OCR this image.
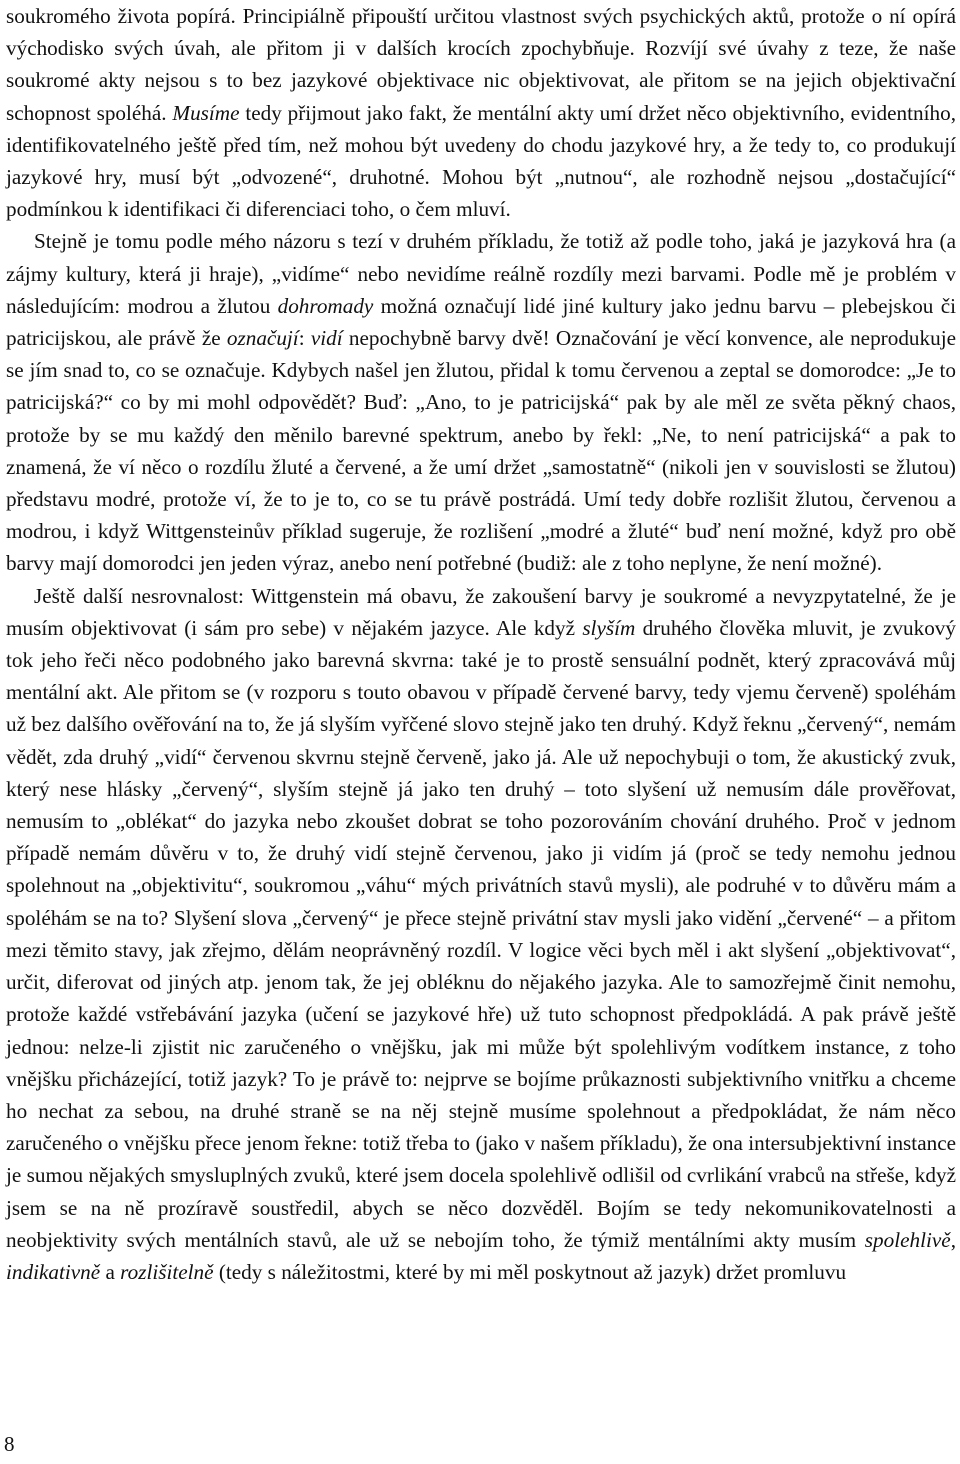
soukromého života popírá. Principiálně připouští určitou vlastnost svých psychických aktů, protože o ní opírá východisko svých úvah, ale přitom ji v dalších krocích zpochybňuje. Rozvíjí své úvahy z teze, že naše soukromé akty nejsou s to bez jazykové objektivace nic objektivovat, ale přitom se na jejich objektivační schopnost spoléhá. Musíme tedy přijmout jako fakt, že mentální akty umí držet něco objektivního, evidentního, identifikovatelného ještě před tím, než mohou být uvedeny do chodu jazykové hry, a že tedy to, co produkují jazykové hry, musí být „odvozené“, druhotné. Mohou být „nutnou“, ale rozhodně nejsou „dostačující“ podmínkou k identifikaci či diferenciaci toho, o čem mluví.

Stejně je tomu podle mého názoru s tezí v druhém příkladu, že totiž až podle toho, jaká je jazyková hra (a zájmy kultury, která ji hraje), „vidíme“ nebo nevidíme reálně rozdíly mezi barvami. Podle mě je problém v následujícím: modrou a žlutou dohromady možná označují lidé jiné kultury jako jednu barvu – plebejskou či patricijskou, ale právě že označují: vidí nepochybně barvy dvě! Označování je věcí konvence, ale neprodukuje se jím snad to, co se označuje. Kdybych našel jen žlutou, přidal k tomu červenou a zeptal se domorodce: „Je to patricijská?“ co by mi mohl odpovědět? Buď: „Ano, to je patricijská“ pak by ale měl ze světa pěkný chaos, protože by se mu každý den měnilo barevné spektrum, anebo by řekl: „Ne, to není patricijská“ a pak to znamená, že ví něco o rozdílu žluté a červené, a že umí držet „samostatně“ (nikoli jen v souvislosti se žlutou) představu modré, protože ví, že to je to, co se tu právě postrádá. Umí tedy dobře rozlišit žlutou, červenou a modrou, i když Wittgensteinův příklad sugeruje, že rozlišení „modré a žluté“ buď není možné, když pro obě barvy mají domorodci jen jeden výraz, anebo není potřebné (budiž: ale z toho neplyne, že není možné).

Ještě další nesrovnalost: Wittgenstein má obavu, že zakoušení barvy je soukromé a nevyzpytatelné, že je musím objektivovat (i sám pro sebe) v nějakém jazyce. Ale když slyším druhého člověka mluvit, je zvukový tok jeho řeči něco podobného jako barevná skvrna: také je to prostě sensuální podnět, který zpracovává můj mentální akt. Ale přitom se (v rozporu s touto obavou v případě červené barvy, tedy vjemu červeně) spoléhám už bez dalšího ověřování na to, že já slyším vyřčené slovo stejně jako ten druhý. Když řeknu „červený“, nemám vědět, zda druhý „vidí“ červenou skvrnu stejně červeně, jako já. Ale už nepochybuji o tom, že akustický zvuk, který nese hlásky „červený“, slyším stejně já jako ten druhý – toto slyšení už nemusím dále prověřovat, nemusím to „oblékat“ do jazyka nebo zkoušet dobrat se toho pozorováním chování druhého. Proč v jednom případě nemám důvěru v to, že druhý vidí stejně červenou, jako ji vidím já (proč se tedy nemohu jednou spolehnout na „objektivitu“, soukromou „váhu“ mých privátních stavů mysli), ale podruhé v to důvěru mám a spoléhám se na to? Slyšení slova „červený“ je přece stejně privátní stav mysli jako vidění „červené“ – a přitom mezi těmito stavy, jak zřejmo, dělám neoprávněný rozdíl. V logice věci bych měl i akt slyšení „objektivovat“, určit, diferovat od jiných atp. jenom tak, že jej obléknu do nějakého jazyka. Ale to samozřejmě činit nemohu, protože každé vstřebávání jazyka (učení se jazykové hře) už tuto schopnost předpokládá. A pak právě ještě jednou: nelze-li zjistit nic zaručeného o vnějšku, jak mi může být spolehlivým vodítkem instance, z toho vnějšku přicházející, totiž jazyk? To je právě to: nejprve se bojíme průkaznosti subjektivního vnitřku a chceme ho nechat za sebou, na druhé straně se na něj stejně musíme spolehnout a předpokládat, že nám něco zaručeného o vnějšku přece jenom řekne: totiž třeba to (jako v našem příkladu), že ona intersubjektivní instance je sumou nějakých smysluplných zvuků, které jsem docela spolehlivě odlišil od cvrlikání vrabců na střeše, když jsem se na ně prozíravě soustředil, abych se něco dozvěděl. Bojím se tedy nekomunikovatelnosti a neobjektivity svých mentálních stavů, ale už se nebojím toho, že týmiž mentálními akty musím spolehlivě, indikativně a rozlišitelně (tedy s náležitostmi, které by mi měl poskytnout až jazyk) držet promluvu

8
